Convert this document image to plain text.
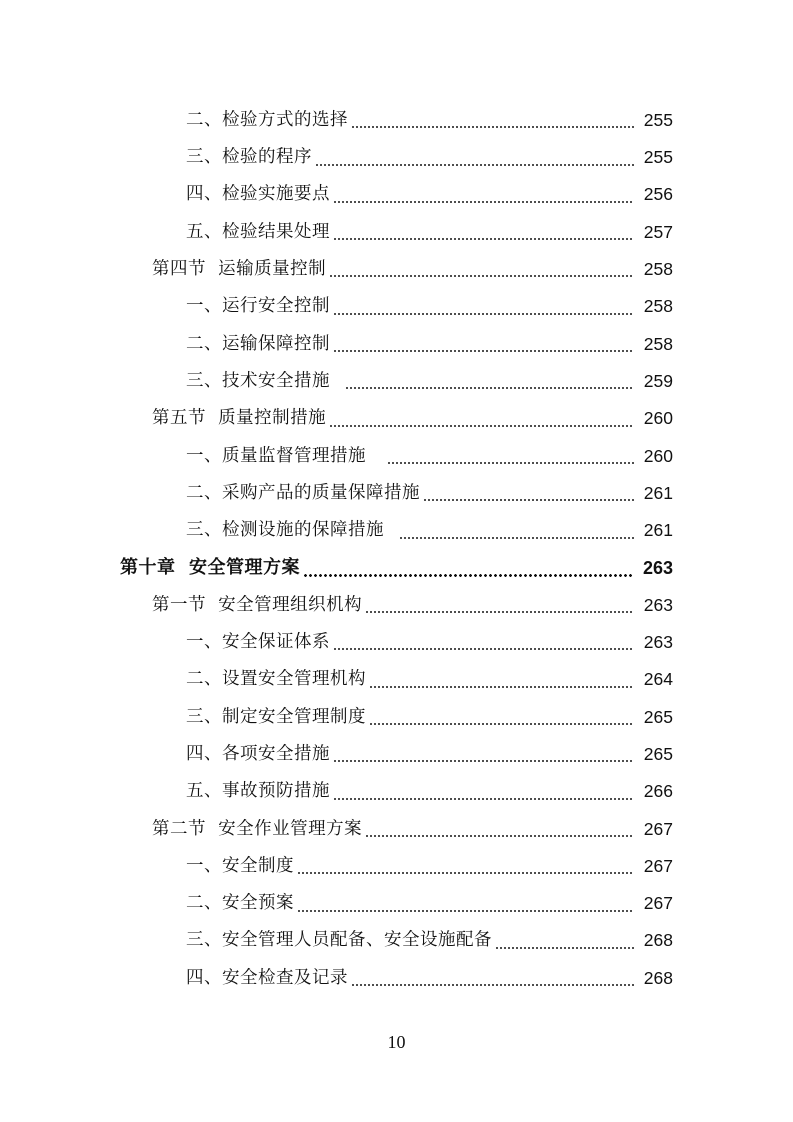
二、检验方式的选择	255
三、检验的程序	255
四、检验实施要点	256
五、检验结果处理	257
第四节  运输质量控制	258
一、运行安全控制	258
二、运输保障控制	258
三、技术安全措施	259
第五节  质量控制措施	260
一、质量监督管理措施	260
二、采购产品的质量保障措施	261
三、检测设施的保障措施	261
第十章  安全管理方案	263
第一节  安全管理组织机构	263
一、安全保证体系	263
二、设置安全管理机构	264
三、制定安全管理制度	265
四、各项安全措施	265
五、事故预防措施	266
第二节  安全作业管理方案	267
一、安全制度	267
二、安全预案	267
三、安全管理人员配备、安全设施配备	268
四、安全检查及记录	268
10
